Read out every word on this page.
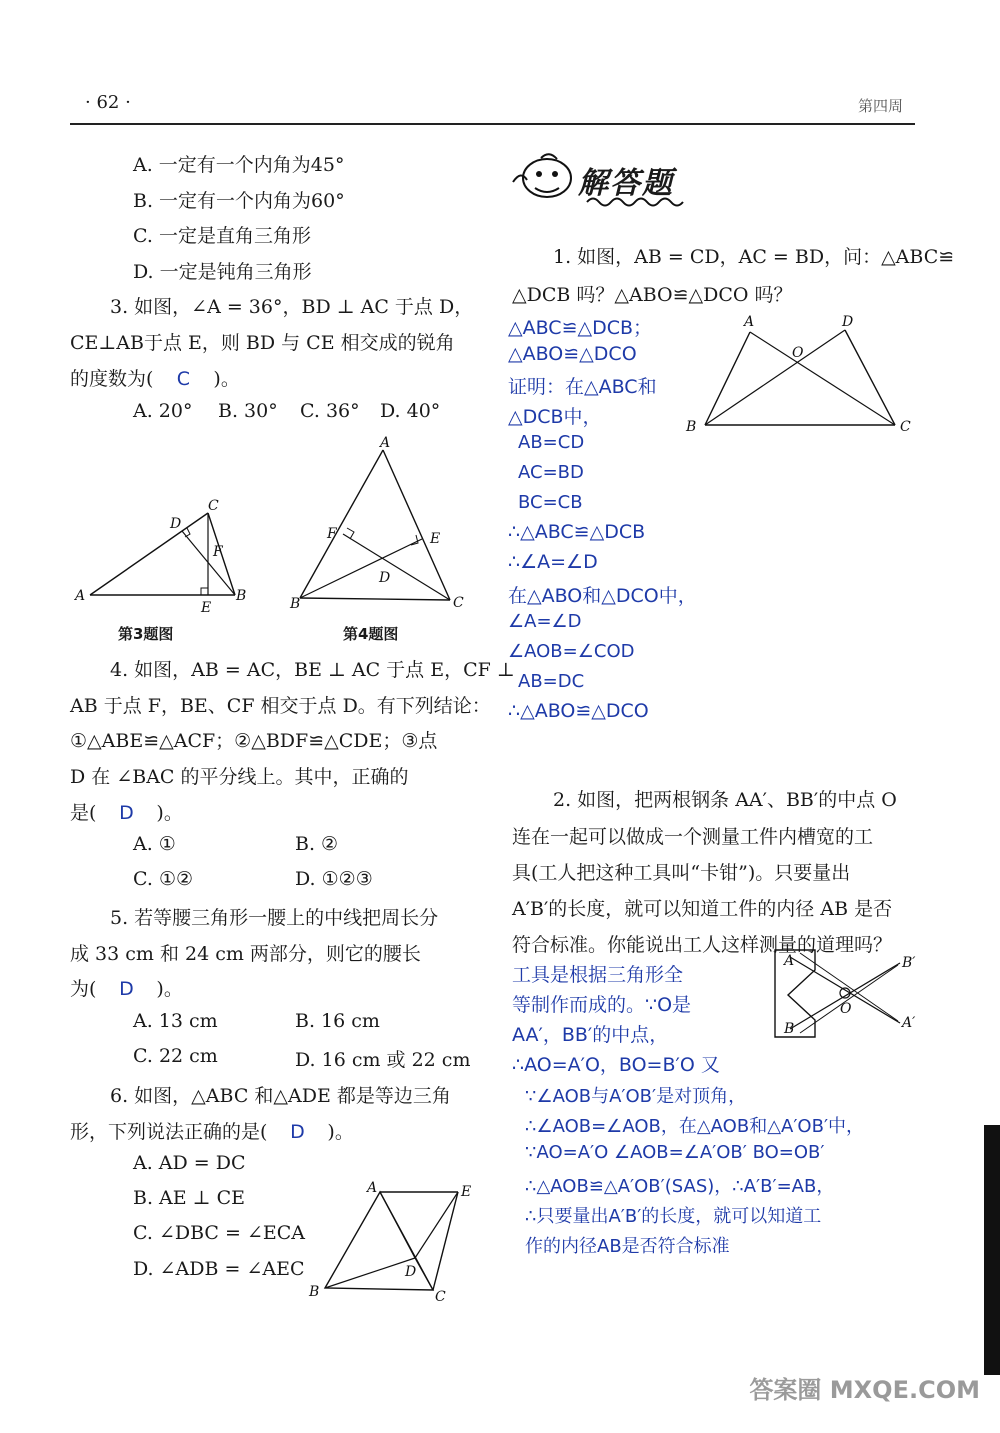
· 62 ·	第四周
A. 一定有一个内角为45°
B. 一定有一个内角为60°
C. 一定是直角三角形
D. 一定是钝角三角形
3. 如图，∠A = 36°，BD ⊥ AC 于点 D，
CE⊥AB于点 E，则 BD 与 CE 相交成的锐角
的度数为( C )。
A. 20° B. 30° C. 36° D. 40°
A	B
C
D
E
F
第3题图
A
B	C
F	E
D
第4题图
4. 如图，AB = AC，BE ⊥ AC 于点 E，CF ⊥
AB 于点 F，BE、CF 相交于点 D。有下列结论：
①△ABE≌△ACF；②△BDF≌△CDE；③点
D 在 ∠BAC 的平分线上。其中，正确的
是( D )。
A. ①	B. ②
C. ①②	D. ①②③
5. 若等腰三角形一腰上的中线把周长分
成 33 cm 和 24 cm 两部分，则它的腰长
为( D )。
A. 13 cm	B. 16 cm
C. 22 cm	D. 16 cm 或 22 cm
6. 如图，△ABC 和△ADE 都是等边三角
形，下列说法正确的是( D )。
A. AD = DC
B. AE ⊥ CE
C. ∠DBC = ∠ECA
D. ∠ADB = ∠AEC
A	E
B	C
D
解答题
1. 如图，AB = CD，AC = BD，问：△ABC≌
△DCB 吗？△ABO≌△DCO 吗？
△ABC≌△DCB；
△ABO≌△DCO
证明：在△ABC和
△DCB中，
AB=CD
AC=BD
BC=CB
∴△ABC≌△DCB
∴∠A=∠D
在△ABO和△DCO中，
∠A=∠D
∠AOB=∠COD
AB=DC
∴△ABO≌△DCO
A	D
B	C
O
2. 如图，把两根钢条 AA′、BB′的中点 O
连在一起可以做成一个测量工件内槽宽的工
具(工人把这种工具叫“卡钳”)。只要量出
A′B′的长度，就可以知道工件的内径 AB 是否
符合标准。你能说出工人这样测量的道理吗？
工具是根据三角形全
等制作而成的。∵O是
AA′，BB′的中点，
∴AO=A′O，BO=B′O 又
∵∠AOB与A′OB′是对顶角，
∴∠AOB=∠AOB，在△AOB和△A′OB′中，
∵AO=A′O ∠AOB=∠A′OB′ BO=OB′
∴△AOB≌△A′OB′(SAS)，∴A′B′=AB，
∴只要量出A′B′的长度，就可以知道工
作的内径AB是否符合标准
A
B
B′
A′
O
答案圈 MXQE.COM
